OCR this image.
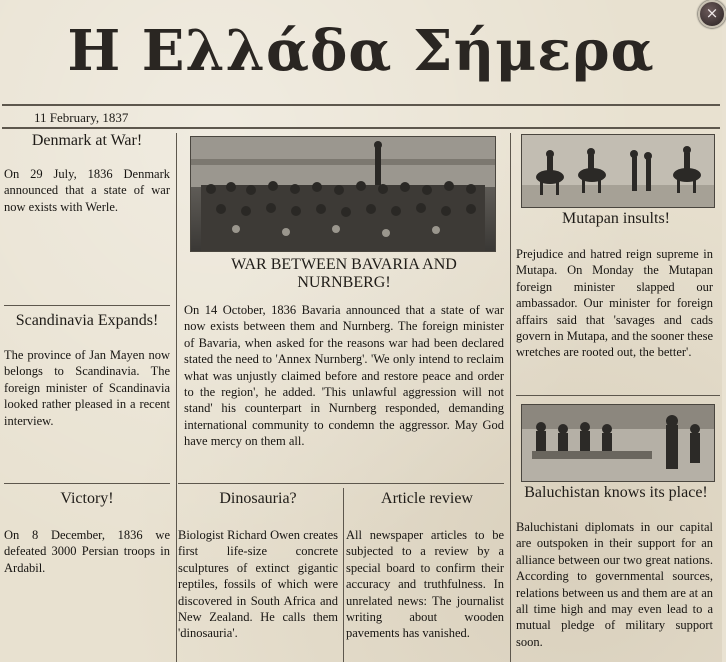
Η Ελλάδα Σήμερα
11 February, 1837
Denmark at War!
On 29 July, 1836 Denmark announced that a state of war now exists with Werle.
Scandinavia Expands!
The province of Jan Mayen now belongs to Scandinavia. The foreign minister of Scandinavia looked rather pleased in a recent interview.
Victory!
On 8 December, 1836 we defeated 3000 Persian troops in Ardabil.
WAR BETWEEN BAVARIA AND NURNBERG!
On 14 October, 1836 Bavaria announced that a state of war now exists between them and Nurnberg. The foreign minister of Bavaria, when asked for the reasons war had been declared stated the need to 'Annex Nurnberg'. 'We only intend to reclaim what was unjustly claimed before and restore peace and order to the region', he added. 'This unlawful aggression will not stand' his counterpart in Nurnberg responded, demanding international community to condemn the aggressor. May God have mercy on them all.
Dinosauria?
Biologist Richard Owen creates first life-size concrete sculptures of extinct gigantic reptiles, fossils of which were discovered in South Africa and New Zealand. He calls them 'dinosauria'.
Article review
All newspaper articles to be subjected to a review by a special board to confirm their accuracy and truthfulness. In unrelated news: The journalist writing about wooden pavements has vanished.
Mutapan insults!
Prejudice and hatred reign supreme in Mutapa. On Monday the Mutapan foreign minister slapped our ambassador. Our minister for foreign affairs said that 'savages and cads govern in Mutapa, and the sooner these wretches are rooted out, the better'.
Baluchistan knows its place!
Baluchistani diplomats in our capital are outspoken in their support for an alliance between our two great nations. According to governmental sources, relations between us and them are at an all time high and may even lead to a mutual pledge of military support soon.
×
